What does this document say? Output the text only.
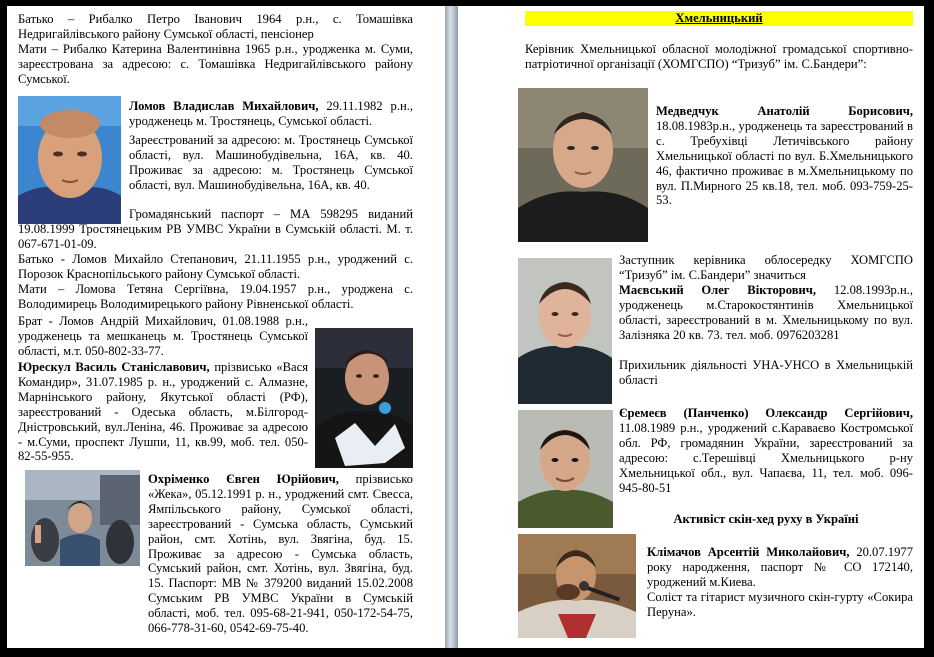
Батько – Рибалко Петро Іванович 1964 р.н., с. Томашівка Недригайлівського району Сумської області, пенсіонер

Мати – Рибалко Катерина Валентинівна 1965 р.н., уродженка м. Суми, зареєстрована за адресою: с. Томашівка Недригайлівського району Сумської.

Ломов Владислав Михайлович, 29.11.1982 р.н., уродженець м. Тростянець, Сумської області.

Зареєстрований за адресою: м. Тростянець Сумської області, вул. Машинобудівельна, 16А, кв. 40. Проживає за адресою: м. Тростянець Сумської області, вул. Машинобудівельна, 16А, кв. 40.

Громадянський паспорт – МА 598295 виданий 19.08.1999 Тростянецьким РВ УМВС України в Сумській області. М. т. 067-671-01-09.

Батько - Ломов Михайло Степанович, 21.11.1955 р.н., уроджений с. Порозок Краснопільського району Сумської області.

Мати – Ломова Тетяна Сергіївна, 19.04.1957 р.н., уроджена с. Володимирець Володимирецького району Рівненської області.

Брат - Ломов Андрій Михайлович, 01.08.1988 р.н., уродженець та мешканець м. Тростянець Сумської області, м.т. 050-802-33-77.

Юрескул Василь Станіславович, прізвисько «Вася Командир», 31.07.1985 р. н., уроджений с. Алмазне, Марнінського району, Якутської області (РФ), зареєстрований - Одеська область, м.Білгород-Дністровський, вул.Леніна, 46. Проживає за адресою - м.Суми, проспект Лушпи, 11, кв.99, моб. тел. 050-82-55-955.

Охріменко Євген Юрійович, прізвисько «Жека», 05.12.1991 р. н., уроджений смт. Свесса, Ямпільського району, Сумської області, зареєстрований - Сумська область, Сумський район, смт. Хотінь, вул. Звягіна, буд. 15. Проживає за адресою - Сумська область, Сумський район, смт. Хотінь, вул. Звягіна, буд. 15. Паспорт: МВ № 379200 виданий 15.02.2008 Сумським РВ УМВС України в Сумській області, моб. тел. 095-68-21-941, 050-172-54-75, 066-778-31-60, 0542-69-75-40.

Хмельницький

Керівник Хмельницької обласної молодіжної громадської спортивно-патріотичної організації (ХОМГСПО) “Тризуб” ім. С.Бандери”:

Медведчук Анатолій Борисович, 18.08.1983р.н., уродженець та зареєстрований в с. Требухівці Летичівського району Хмельницької області по вул. Б.Хмельницького 46, фактично проживає в м.Хмельницькому по вул. П.Мирного 25 кв.18, тел. моб. 093-759-25-53.

Заступник керівника облосередку ХОМГСПО “Тризуб” ім. С.Бандери” значиться

Маєвський Олег Вікторович, 12.08.1993р.н., уродженець м.Старокостянтинів Хмельницької області, зареєстрований в м. Хмельницькому по вул. Залізняка 20 кв. 73. тел. моб. 0976203281

Прихильник діяльності УНА-УНСО в Хмельницькій області

Єремеєв (Панченко) Олександр Сергійович, 11.08.1989 р.н., уроджений с.Караваєво Костромської обл. РФ, громадянин України, зареєстрований за адресою: с.Терешівці Хмельницького р-ну Хмельницької обл., вул. Чапаєва, 11, тел. моб. 096-945-80-51

Активіст скін-хед руху в Україні

Клімачов Арсентій Миколайович, 20.07.1977 року народження, паспорт № СО 172140, уроджений м.Киева.

Соліст та гітарист музичного скін-гурту «Сокира Перуна».
